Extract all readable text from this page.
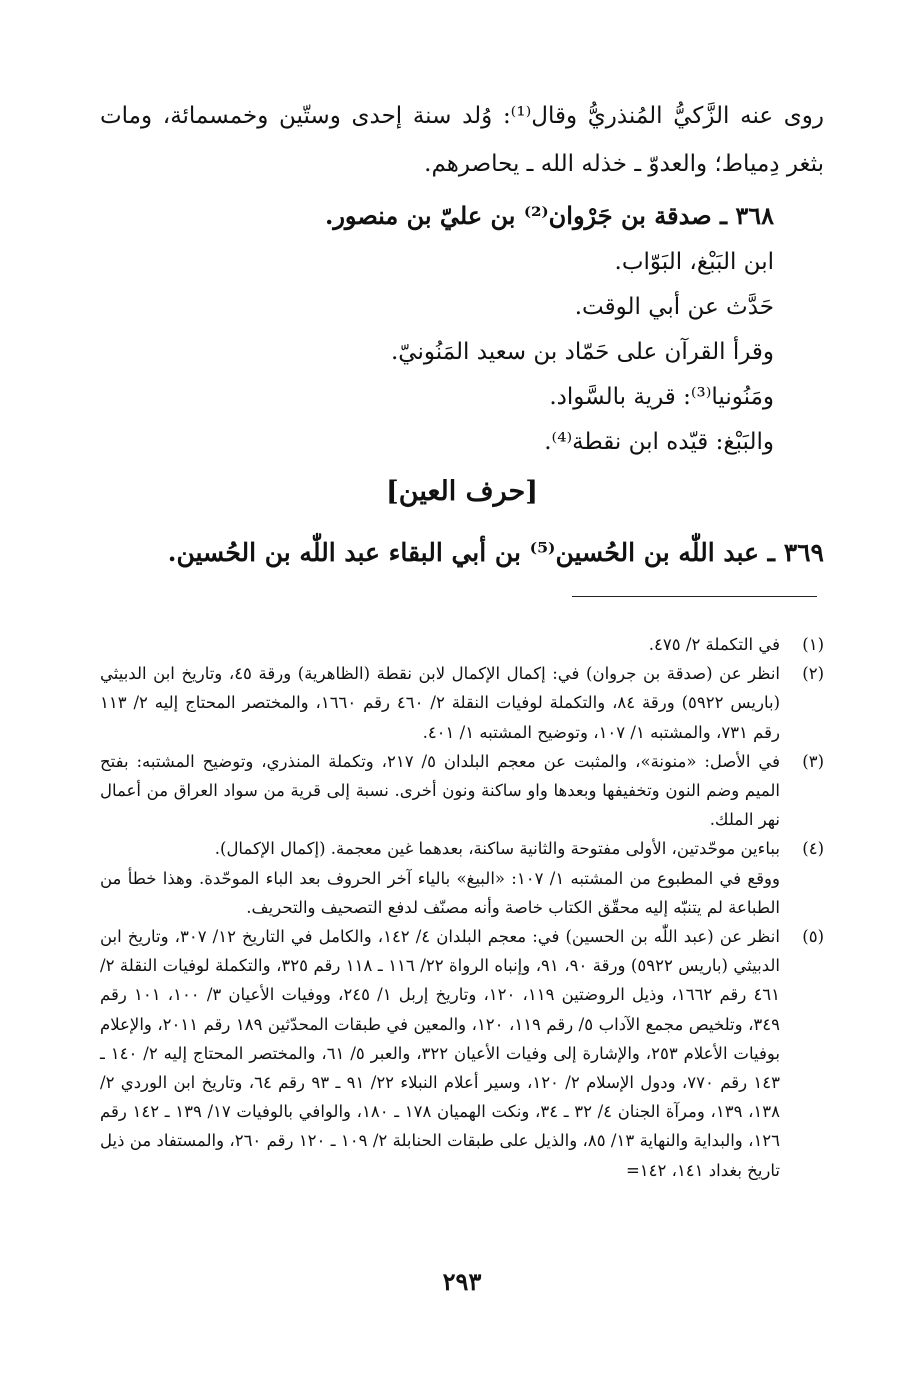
روى عنه الزَّكيُّ المُنذريُّ وقال⁽¹⁾: وُلد سنة إحدى وستّين وخمسمائة، ومات بثغر دِمياط؛ والعدوّ ـ خذله الله ـ يحاصرهم.
٣٦٨ ـ صدقة بن جَرْوان⁽²⁾ بن عليّ بن منصور.
ابن البَبْغ، البَوّاب.
حَدَّث عن أبي الوقت.
وقرأ القرآن على حَمّاد بن سعيد المَنُونيّ.
ومَنُونيا⁽³⁾: قرية بالسَّواد.
والبَبْغ: قيّده ابن نقطة⁽⁴⁾.
[حرف العين]
٣٦٩ ـ عبد اللّٰه بن الحُسين⁽⁵⁾ بن أبي البقاء عبد اللّٰه بن الحُسين.
(١)
في التكملة ٢/ ٤٧٥.
(٢)
انظر عن (صدقة بن جروان) في: إكمال الإكمال لابن نقطة (الظاهرية) ورقة ٤٥، وتاريخ ابن الدبيثي (باريس ٥٩٢٢) ورقة ٨٤، والتكملة لوفيات النقلة ٢/ ٤٦٠ رقم ١٦٦٠، والمختصر المحتاج إليه ٢/ ١١٣ رقم ٧٣١، والمشتبه ١/ ١٠٧، وتوضيح المشتبه ١/ ٤٠١.
(٣)
في الأصل: «منونة»، والمثبت عن معجم البلدان ٥/ ٢١٧، وتكملة المنذري، وتوضيح المشتبه: بفتح الميم وضم النون وتخفيفها وبعدها واو ساكنة ونون أخرى. نسبة إلى قرية من سواد العراق من أعمال نهر الملك.
(٤)
بباءين موحّدتين، الأولى مفتوحة والثانية ساكنة، بعدهما غين معجمة. (إكمال الإكمال).
ووقع في المطبوع من المشتبه ١/ ١٠٧: «البيغ» بالياء آخر الحروف بعد الباء الموحّدة. وهذا خطأ من الطباعة لم يتنبّه إليه محقّق الكتاب خاصة وأنه مصنّف لدفع التصحيف والتحريف.
(٥)
انظر عن (عبد اللّٰه بن الحسين) في: معجم البلدان ٤/ ١٤٢، والكامل في التاريخ ١٢/ ٣٠٧، وتاريخ ابن الدبيثي (باريس ٥٩٢٢) ورقة ٩٠، ٩١، وإنباه الرواة ٢٢/ ١١٦ ـ ١١٨ رقم ٣٢٥، والتكملة لوفيات النقلة ٢/ ٤٦١ رقم ١٦٦٢، وذيل الروضتين ١١٩، ١٢٠، وتاريخ إربل ١/ ٢٤٥، ووفيات الأعيان ٣/ ١٠٠، ١٠١ رقم ٣٤٩، وتلخيص مجمع الآداب ٥/ رقم ١١٩، ١٢٠، والمعين في طبقات المحدّثين ١٨٩ رقم ٢٠١١، والإعلام بوفيات الأعلام ٢٥٣، والإشارة إلى وفيات الأعيان ٣٢٢، والعبر ٥/ ٦١، والمختصر المحتاج إليه ٢/ ١٤٠ ـ ١٤٣ رقم ٧٧٠، ودول الإسلام ٢/ ١٢٠، وسير أعلام النبلاء ٢٢/ ٩١ ـ ٩٣ رقم ٦٤، وتاريخ ابن الوردي ٢/ ١٣٨، ١٣٩، ومرآة الجنان ٤/ ٣٢ ـ ٣٤، ونكت الهميان ١٧٨ ـ ١٨٠، والوافي بالوفيات ١٧/ ١٣٩ ـ ١٤٢ رقم ١٢٦، والبداية والنهاية ١٣/ ٨٥، والذيل على طبقات الحنابلة ٢/ ١٠٩ ـ ١٢٠ رقم ٢٦٠، والمستفاد من ذيل تاريخ بغداد ١٤١، ١٤٢=
٢٩٣
